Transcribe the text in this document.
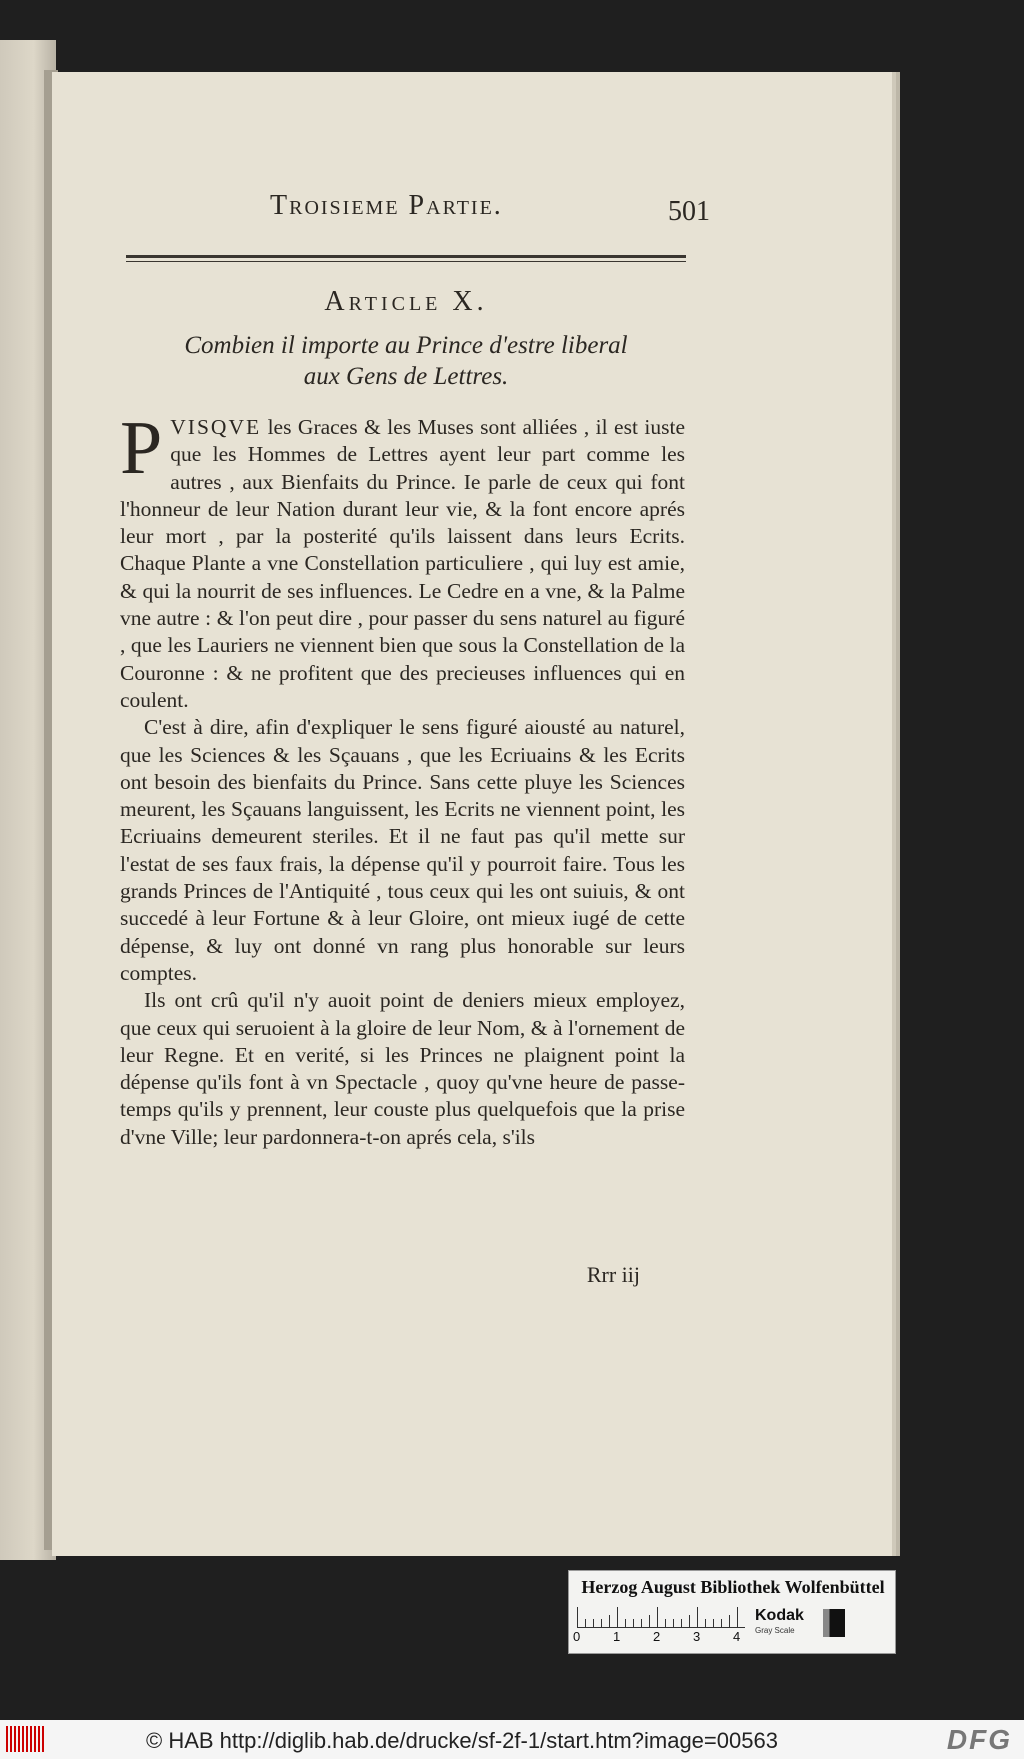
Troisieme Partie.	501
Article X.
Combien il importe au Prince d'estre liberal
aux Gens de Lettres.

PVISQVE les Graces & les Muses sont alliées , il est iuste que les Hommes de Lettres ayent leur part comme les autres , aux Bienfaits du Prince. Ie parle de ceux qui font l'honneur de leur Nation durant leur vie, & la font encore aprés leur mort , par la posterité qu'ils laissent dans leurs Ecrits. Chaque Plante a vne Constellation particuliere , qui luy est amie, & qui la nourrit de ses influences. Le Cedre en a vne, & la Palme vne autre : & l'on peut dire , pour passer du sens naturel au figuré , que les Lauriers ne viennent bien que sous la Constellation de la Couronne : & ne profitent que des precieuses influences qui en coulent.

C'est à dire, afin d'expliquer le sens figuré aiousté au naturel, que les Sciences & les Sçauans , que les Ecriuains & les Ecrits ont besoin des bienfaits du Prince. Sans cette pluye les Sciences meurent, les Sçauans languissent, les Ecrits ne viennent point, les Ecriuains demeurent steriles. Et il ne faut pas qu'il mette sur l'estat de ses faux frais, la dépense qu'il y pourroit faire. Tous les grands Princes de l'Antiquité , tous ceux qui les ont suiuis, & ont succedé à leur Fortune & à leur Gloire, ont mieux iugé de cette dépense, & luy ont donné vn rang plus honorable sur leurs comptes.

Ils ont crû qu'il n'y auoit point de deniers mieux employez, que ceux qui seruoient à la gloire de leur Nom, & à l'ornement de leur Regne. Et en verité, si les Princes ne plaignent point la dépense qu'ils font à vn Spectacle , quoy qu'vne heure de passe-temps qu'ils y prennent, leur couste plus quelquefois que la prise d'vne Ville; leur pardonnera-t-on aprés cela, s'ils

Rrr iij
Herzog August Bibliothek Wolfenbüttel
0	1	2	3	4
Kodak
Gray Scale
© HAB http://diglib.hab.de/drucke/sf-2f-1/start.htm?image=00563	DFG
